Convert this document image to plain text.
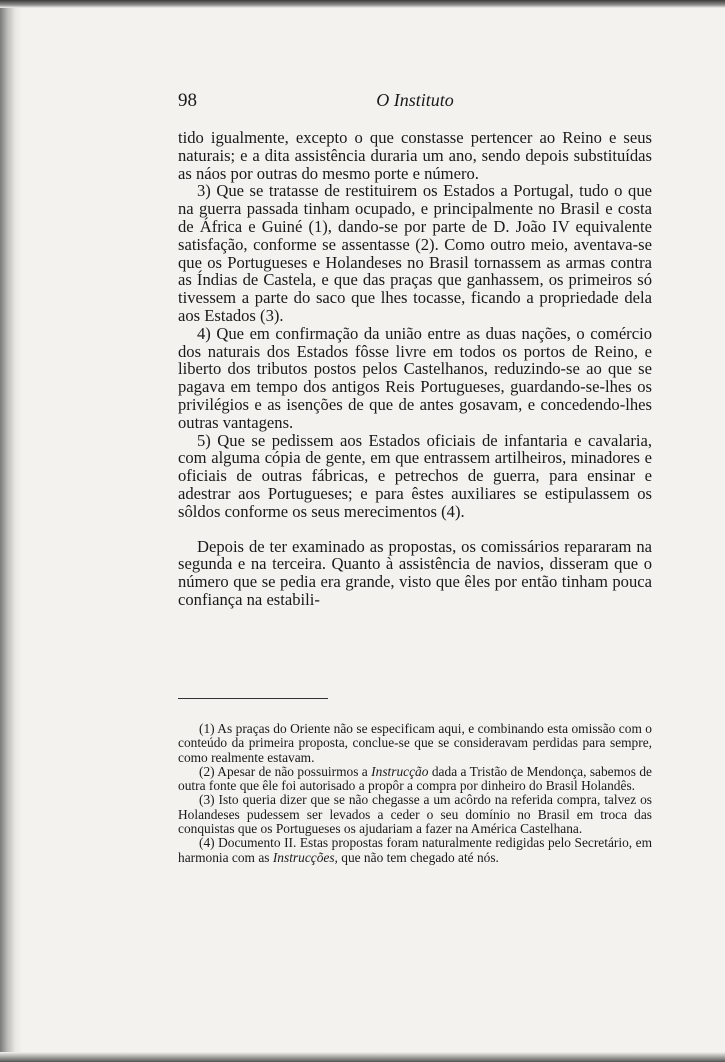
98	O Instituto

tido igualmente, excepto o que constasse pertencer ao Reino e seus naturais; e a dita assistência duraria um ano, sendo depois substituídas as náos por outras do mesmo porte e número.

3) Que se tratasse de restituirem os Estados a Portugal, tudo o que na guerra passada tinham ocupado, e principalmente no Brasil e costa de África e Guiné (1), dando-se por parte de D. João IV equivalente satisfação, conforme se assentasse (2). Como outro meio, aventava-se que os Portugueses e Holandeses no Brasil tornassem as armas contra as Índias de Castela, e que das praças que ganhassem, os primeiros só tivessem a parte do saco que lhes tocasse, ficando a propriedade dela aos Estados (3).

4) Que em confirmação da união entre as duas nações, o comércio dos naturais dos Estados fôsse livre em todos os portos de Reino, e liberto dos tributos postos pelos Castelhanos, reduzindo-se ao que se pagava em tempo dos antigos Reis Portugueses, guardando-se-lhes os privilégios e as isenções de que de antes gosavam, e concedendo-lhes outras vantagens.

5) Que se pedissem aos Estados oficiais de infantaria e cavalaria, com alguma cópia de gente, em que entrassem artilheiros, minadores e oficiais de outras fábricas, e petrechos de guerra, para ensinar e adestrar aos Portugueses; e para êstes auxiliares se estipulassem os sôldos conforme os seus merecimentos (4).

Depois de ter examinado as propostas, os comissários repararam na segunda e na terceira. Quanto à assistência de navios, disseram que o número que se pedia era grande, visto que êles por então tinham pouca confiança na estabili-

(1) As praças do Oriente não se especificam aqui, e combinando esta omissão com o conteúdo da primeira proposta, conclue-se que se consideravam perdidas para sempre, como realmente estavam.

(2) Apesar de não possuirmos a Instrucção dada a Tristão de Mendonça, sabemos de outra fonte que êle foi autorisado a propôr a compra por dinheiro do Brasil Holandês.

(3) Isto queria dizer que se não chegasse a um acôrdo na referida compra, talvez os Holandeses pudessem ser levados a ceder o seu domínio no Brasil em troca das conquistas que os Portugueses os ajudariam a fazer na América Castelhana.

(4) Documento II. Estas propostas foram naturalmente redigidas pelo Secretário, em harmonia com as Instrucções, que não tem chegado até nós.
